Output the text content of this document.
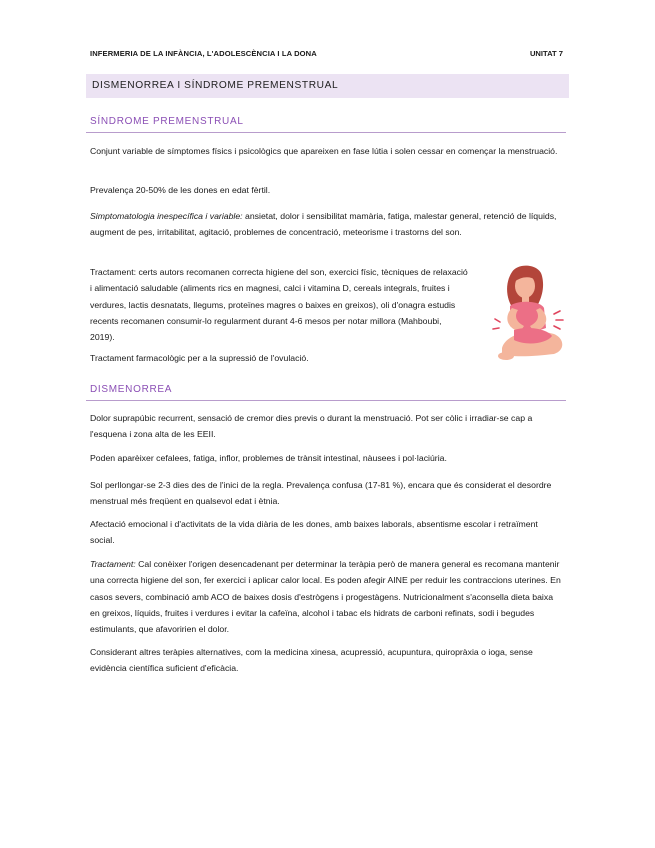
INFERMERIA DE LA INFÀNCIA, L'ADOLESCÈNCIA I LA DONA	UNITAT 7
DISMENORREA I SÍNDROME PREMENSTRUAL
SÍNDROME PREMENSTRUAL

Conjunt variable de símptomes físics i psicològics que apareixen en fase lútia i solen cessar en començar la menstruació.

Prevalença 20-50% de les dones en edat fèrtil.

Simptomatologia inespecífica i variable: ansietat, dolor i sensibilitat mamària, fatiga, malestar general, retenció de líquids, augment de pes, irritabilitat, agitació, problemes de concentració, meteorisme i trastorns del son.

Tractament: certs autors recomanen correcta higiene del son, exercici físic, tècniques de relaxació i alimentació saludable (aliments rics en magnesi, calci i vitamina D, cereals integrals, fruites i verdures, lactis desnatats, llegums, proteïnes magres o baixes en greixos), oli d'onagra estudis recents recomanen consumir-lo regularment durant 4-6 mesos per notar millora (Mahboubi, 2019).

Tractament farmacològic per a la supressió de l'ovulació.

DISMENORREA

Dolor suprapúbic recurrent, sensació de cremor dies previs o durant la menstruació. Pot ser còlic i irradiar-se cap a l'esquena i zona alta de les EEII.

Poden aparèixer cefalees, fatiga, inflor, problemes de trànsit intestinal, nàusees i pol·laciúria.

Sol perllongar-se 2-3 dies des de l'inici de la regla. Prevalença confusa (17-81 %), encara que és considerat el desordre menstrual més freqüent en qualsevol edat i ètnia.

Afectació emocional i d'activitats de la vida diària de les dones, amb baixes laborals, absentisme escolar i retraïment social.

Tractament: Cal conèixer l'origen desencadenant per determinar la teràpia però de manera general es recomana mantenir una correcta higiene del son, fer exercici i aplicar calor local. Es poden afegir AINE per reduir les contraccions uterines. En casos severs, combinació amb ACO de baixes dosis d'estrògens i progestàgens. Nutricionalment s'aconsella dieta baixa en greixos, líquids, fruites i verdures i evitar la cafeïna, alcohol i tabac els hidrats de carboni refinats, sodi i begudes estimulants, que afavoririen el dolor.

Considerant altres teràpies alternatives, com la medicina xinesa, acupressió, acupuntura, quiropràxia o ioga, sense evidència científica suficient d'eficàcia.
